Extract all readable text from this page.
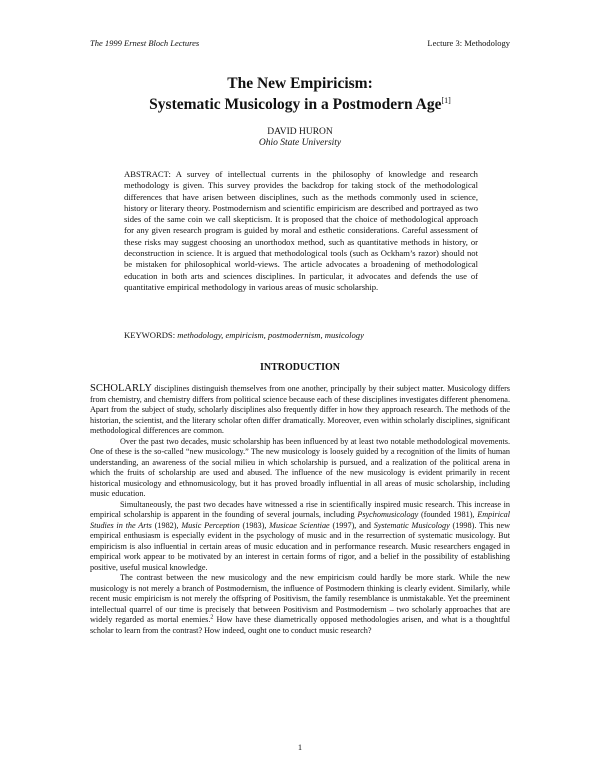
The 1999 Ernest Bloch Lectures	Lecture 3: Methodology
The New Empiricism:
Systematic Musicology in a Postmodern Age[1]
DAVID HURON
Ohio State University
ABSTRACT: A survey of intellectual currents in the philosophy of knowledge and research methodology is given. This survey provides the backdrop for taking stock of the methodological differences that have arisen between disciplines, such as the methods commonly used in science, history or literary theory. Postmodernism and scientific empiricism are described and portrayed as two sides of the same coin we call skepticism. It is proposed that the choice of methodological approach for any given research program is guided by moral and esthetic considerations. Careful assessment of these risks may suggest choosing an unorthodox method, such as quantitative methods in history, or deconstruction in science. It is argued that methodological tools (such as Ockham’s razor) should not be mistaken for philosophical world-views. The article advocates a broadening of methodological education in both arts and sciences disciplines. In particular, it advocates and defends the use of quantitative empirical methodology in various areas of music scholarship.
KEYWORDS: methodology, empiricism, postmodernism, musicology
INTRODUCTION

SCHOLARLY disciplines distinguish themselves from one another, principally by their subject matter. Musicology differs from chemistry, and chemistry differs from political science because each of these disciplines investigates different phenomena. Apart from the subject of study, scholarly disciplines also frequently differ in how they approach research. The methods of the historian, the scientist, and the literary scholar often differ dramatically. Moreover, even within scholarly disciplines, significant methodological differences are common.

Over the past two decades, music scholarship has been influenced by at least two notable methodological movements. One of these is the so-called “new musicology.” The new musicology is loosely guided by a recognition of the limits of human understanding, an awareness of the social milieu in which scholarship is pursued, and a realization of the political arena in which the fruits of scholarship are used and abused. The influence of the new musicology is evident primarily in recent historical musicology and ethnomusicology, but it has proved broadly influential in all areas of music scholarship, including music education.

Simultaneously, the past two decades have witnessed a rise in scientifically inspired music research. This increase in empirical scholarship is apparent in the founding of several journals, including Psychomusicology (founded 1981), Empirical Studies in the Arts (1982), Music Perception (1983), Musicae Scientiae (1997), and Systematic Musicology (1998). This new empirical enthusiasm is especially evident in the psychology of music and in the resurrection of systematic musicology. But empiricism is also influential in certain areas of music education and in performance research. Music researchers engaged in empirical work appear to be motivated by an interest in certain forms of rigor, and a belief in the possibility of establishing positive, useful musical knowledge.

The contrast between the new musicology and the new empiricism could hardly be more stark. While the new musicology is not merely a branch of Postmodernism, the influence of Postmodern thinking is clearly evident. Similarly, while recent music empiricism is not merely the offspring of Positivism, the family resemblance is unmistakable. Yet the preeminent intellectual quarrel of our time is precisely that between Positivism and Postmodernism – two scholarly approaches that are widely regarded as mortal enemies.$^2$ How have these diametrically opposed methodologies arisen, and what is a thoughtful scholar to learn from the contrast? How indeed, ought one to conduct music research?

1
